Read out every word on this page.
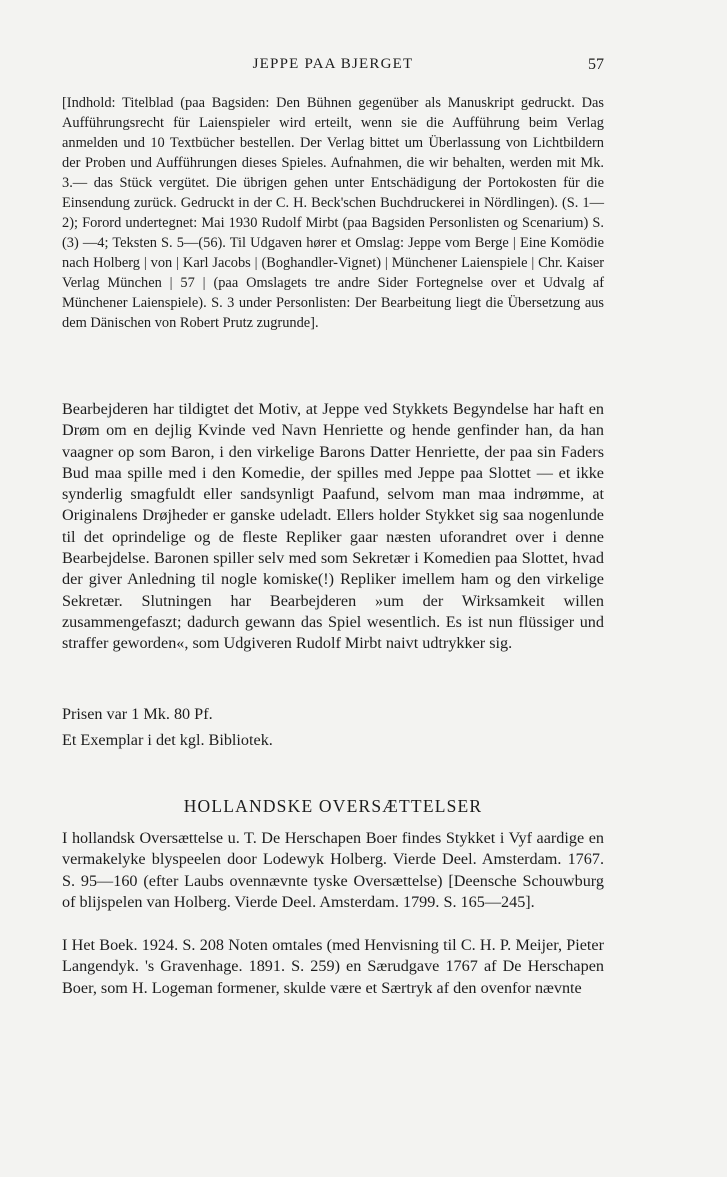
JEPPE PAA BJERGET	57

[Indhold: Titelblad (paa Bagsiden: Den Bühnen gegenüber als Manuskript gedruckt. Das Aufführungsrecht für Laienspieler wird erteilt, wenn sie die Aufführung beim Verlag anmelden und 10 Textbücher bestellen. Der Verlag bittet um Überlassung von Lichtbildern der Proben und Aufführungen dieses Spieles. Aufnahmen, die wir behalten, werden mit Mk. 3.— das Stück vergütet. Die übrigen gehen unter Entschädigung der Portokosten für die Einsendung zurück. Gedruckt in der C. H. Beck'schen Buchdruckerei in Nördlingen). (S. 1—2); Forord undertegnet: Mai 1930 Rudolf Mirbt (paa Bagsiden Personlisten og Scenarium) S. (3) —4; Teksten S. 5—(56). Til Udgaven hører et Omslag: Jeppe vom Berge | Eine Komödie nach Holberg | von | Karl Jacobs | (Boghandler-Vignet) | Münchener Laienspiele | Chr. Kaiser Verlag München | 57 | (paa Omslagets tre andre Sider Fortegnelse over et Udvalg af Münchener Laienspiele). S. 3 under Personlisten: Der Bearbeitung liegt die Übersetzung aus dem Dänischen von Robert Prutz zugrunde].

Bearbejderen har tildigtet det Motiv, at Jeppe ved Stykkets Begyndelse har haft en Drøm om en dejlig Kvinde ved Navn Henriette og hende genfinder han, da han vaagner op som Baron, i den virkelige Barons Datter Henriette, der paa sin Faders Bud maa spille med i den Komedie, der spilles med Jeppe paa Slottet — et ikke synderlig smagfuldt eller sandsynligt Paafund, selvom man maa indrømme, at Originalens Drøjheder er ganske udeladt. Ellers holder Stykket sig saa nogenlunde til det oprindelige og de fleste Repliker gaar næsten uforandret over i denne Bearbejdelse. Baronen spiller selv med som Sekretær i Komedien paa Slottet, hvad der giver Anledning til nogle komiske(!) Repliker imellem ham og den virkelige Sekretær. Slutningen har Bearbejderen »um der Wirksamkeit willen zusammengefaszt; dadurch gewann das Spiel wesentlich. Es ist nun flüssiger und straffer geworden«, som Udgiveren Rudolf Mirbt naivt udtrykker sig.

Prisen var 1 Mk. 80 Pf.

Et Exemplar i det kgl. Bibliotek.

HOLLANDSKE OVERSÆTTELSER

I hollandsk Oversættelse u. T. De Herschapen Boer findes Stykket i Vyf aardige en vermakelyke blyspeelen door Lodewyk Holberg. Vierde Deel. Amsterdam. 1767. S. 95—160 (efter Laubs ovennævnte tyske Oversættelse) [Deensche Schouwburg of blijspelen van Holberg. Vierde Deel. Amsterdam. 1799. S. 165—245].

I Het Boek. 1924. S. 208 Noten omtales (med Henvisning til C. H. P. Meijer, Pieter Langendyk. 's Gravenhage. 1891. S. 259) en Særudgave 1767 af De Herschapen Boer, som H. Logeman formener, skulde være et Særtryk af den ovenfor nævnte
